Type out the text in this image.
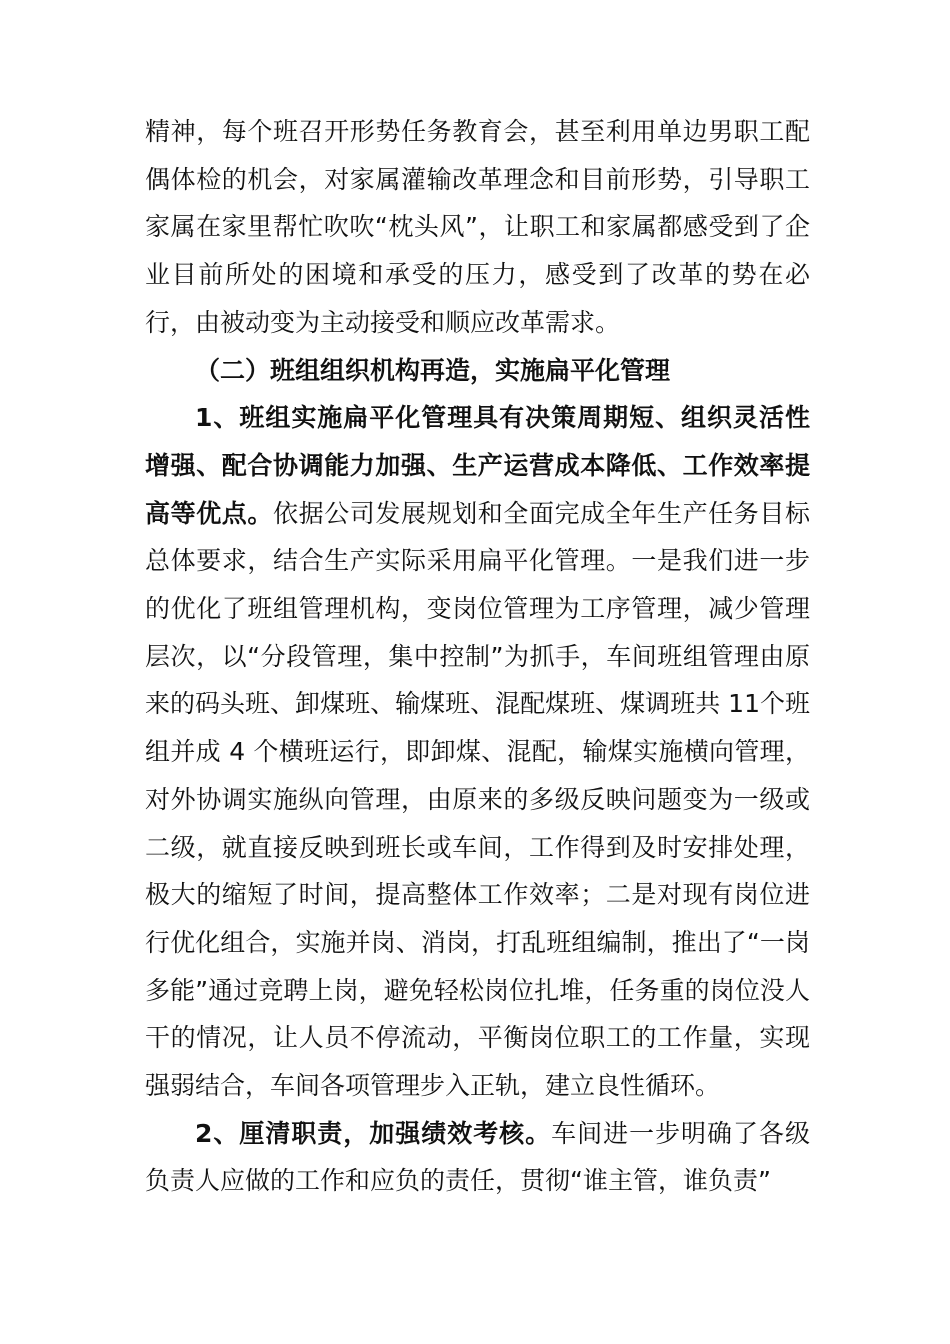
精神，每个班召开形势任务教育会，甚至利用单边男职工配偶体检的机会，对家属灌输改革理念和目前形势，引导职工家属在家里帮忙吹吹“枕头风”，让职工和家属都感受到了企业目前所处的困境和承受的压力，感受到了改革的势在必行，由被动变为主动接受和顺应改革需求。

（二）班组组织机构再造，实施扁平化管理

1、班组实施扁平化管理具有决策周期短、组织灵活性增强、配合协调能力加强、生产运营成本降低、工作效率提高等优点。依据公司发展规划和全面完成全年生产任务目标总体要求，结合生产实际采用扁平化管理。一是我们进一步的优化了班组管理机构，变岗位管理为工序管理，减少管理层次，以“分段管理，集中控制”为抓手，车间班组管理由原来的码头班、卸煤班、输煤班、混配煤班、煤调班共 11个班组并成 4 个横班运行，即卸煤、混配，输煤实施横向管理，对外协调实施纵向管理，由原来的多级反映问题变为一级或二级，就直接反映到班长或车间，工作得到及时安排处理，极大的缩短了时间，提高整体工作效率；二是对现有岗位进行优化组合，实施并岗、消岗，打乱班组编制，推出了“一岗多能”通过竞聘上岗，避免轻松岗位扎堆，任务重的岗位没人干的情况，让人员不停流动，平衡岗位职工的工作量，实现强弱结合，车间各项管理步入正轨，建立良性循环。

2、厘清职责，加强绩效考核。车间进一步明确了各级负责人应做的工作和应负的责任，贯彻“谁主管，谁负责”
